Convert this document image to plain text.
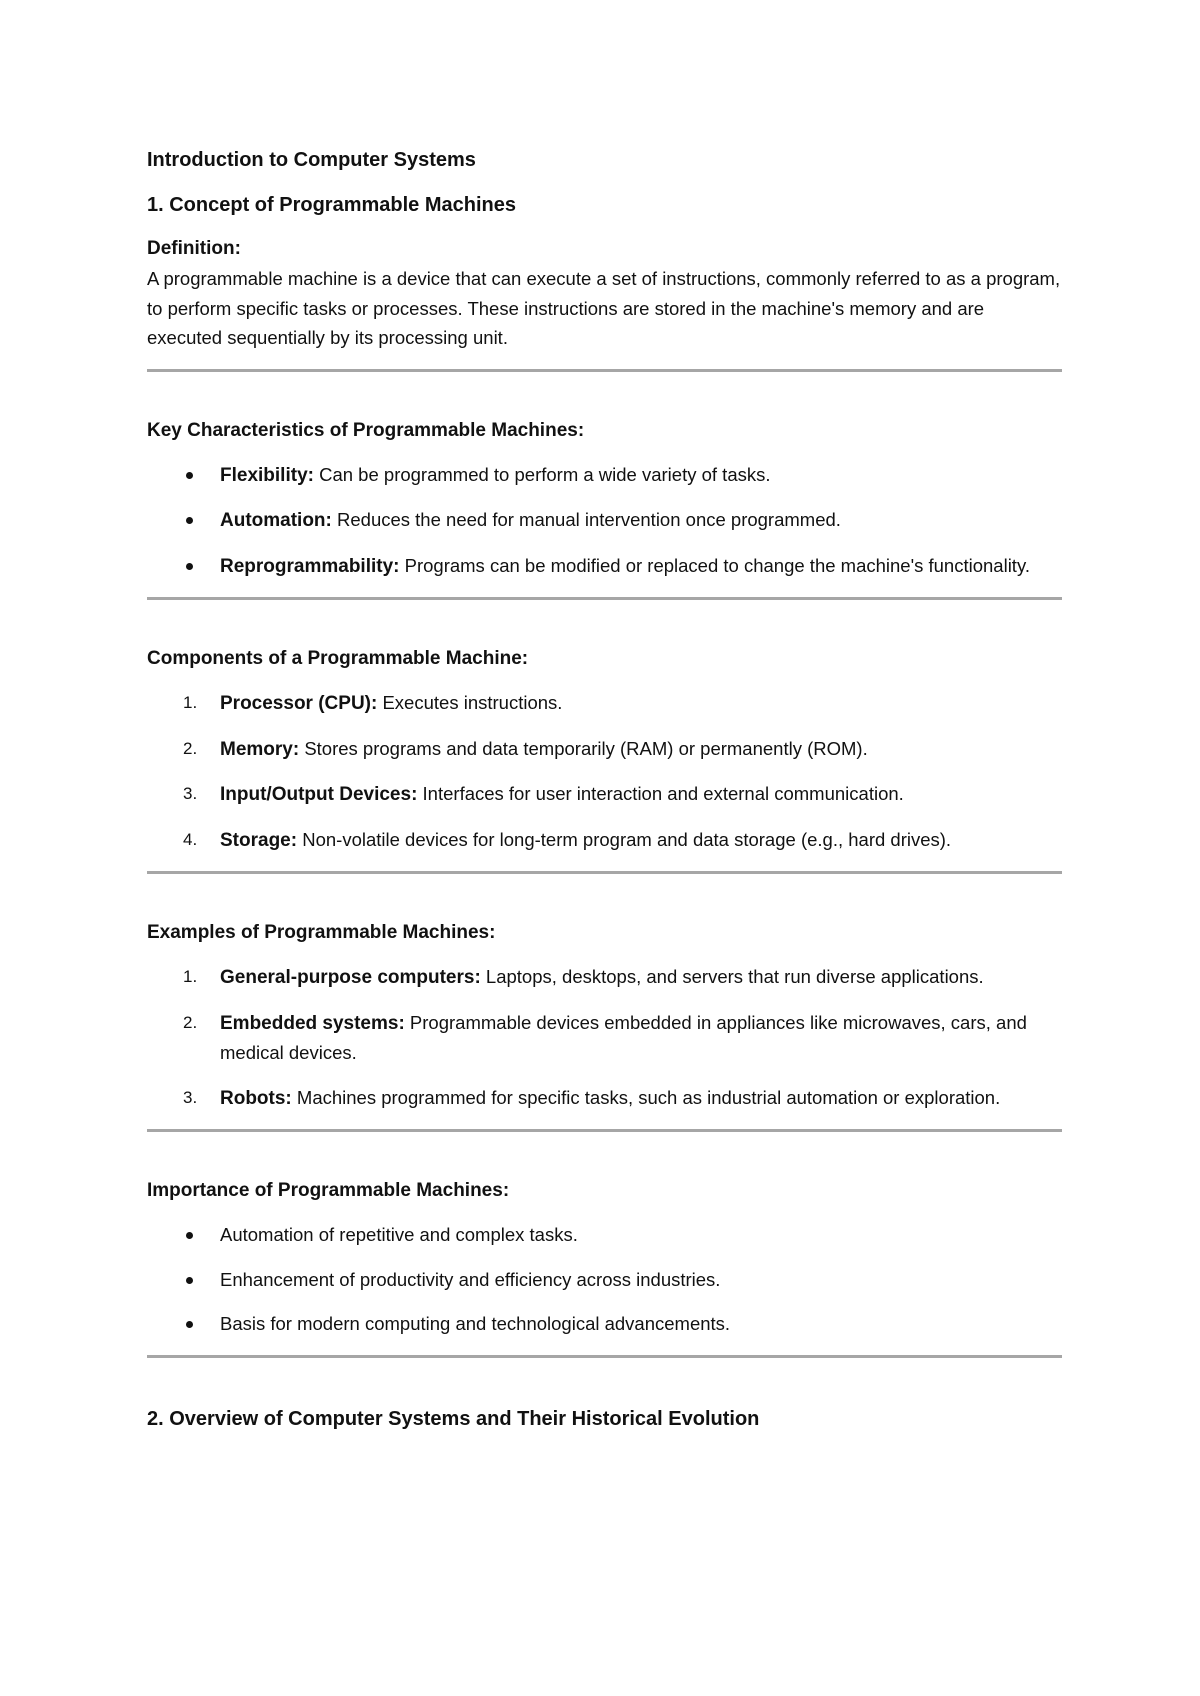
Introduction to Computer Systems
1. Concept of Programmable Machines
Definition:

A programmable machine is a device that can execute a set of instructions, commonly referred to as a program, to perform specific tasks or processes. These instructions are stored in the machine's memory and are executed sequentially by its processing unit.

Key Characteristics of Programmable Machines:
Flexibility: Can be programmed to perform a wide variety of tasks.
Automation: Reduces the need for manual intervention once programmed.
Reprogrammability: Programs can be modified or replaced to change the machine's functionality.
Components of a Programmable Machine:
1. Processor (CPU): Executes instructions.
2. Memory: Stores programs and data temporarily (RAM) or permanently (ROM).
3. Input/Output Devices: Interfaces for user interaction and external communication.
4. Storage: Non-volatile devices for long-term program and data storage (e.g., hard drives).
Examples of Programmable Machines:
1. General-purpose computers: Laptops, desktops, and servers that run diverse applications.
2. Embedded systems: Programmable devices embedded in appliances like microwaves, cars, and medical devices.
3. Robots: Machines programmed for specific tasks, such as industrial automation or exploration.
Importance of Programmable Machines:
Automation of repetitive and complex tasks.
Enhancement of productivity and efficiency across industries.
Basis for modern computing and technological advancements.
2. Overview of Computer Systems and Their Historical Evolution
